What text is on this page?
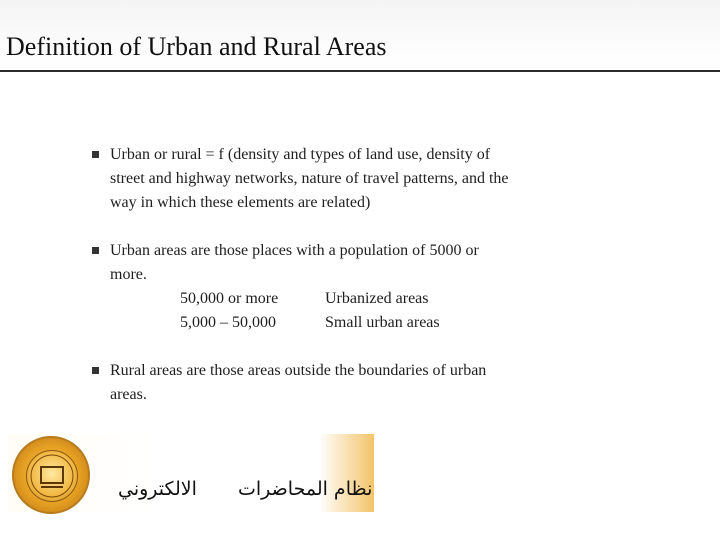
Definition of Urban and Rural Areas
Urban or rural = f (density and types of land use, density of
street and highway networks, nature of travel patterns, and the
way in which these elements are related)
Urban areas are those places with a population of 5000 or
more.
50,000 or more	Urbanized areas
5,000 – 50,000	Small urban areas
Rural areas are those areas outside the boundaries of urban
areas.
الالكتروني نظام المحاضرات
